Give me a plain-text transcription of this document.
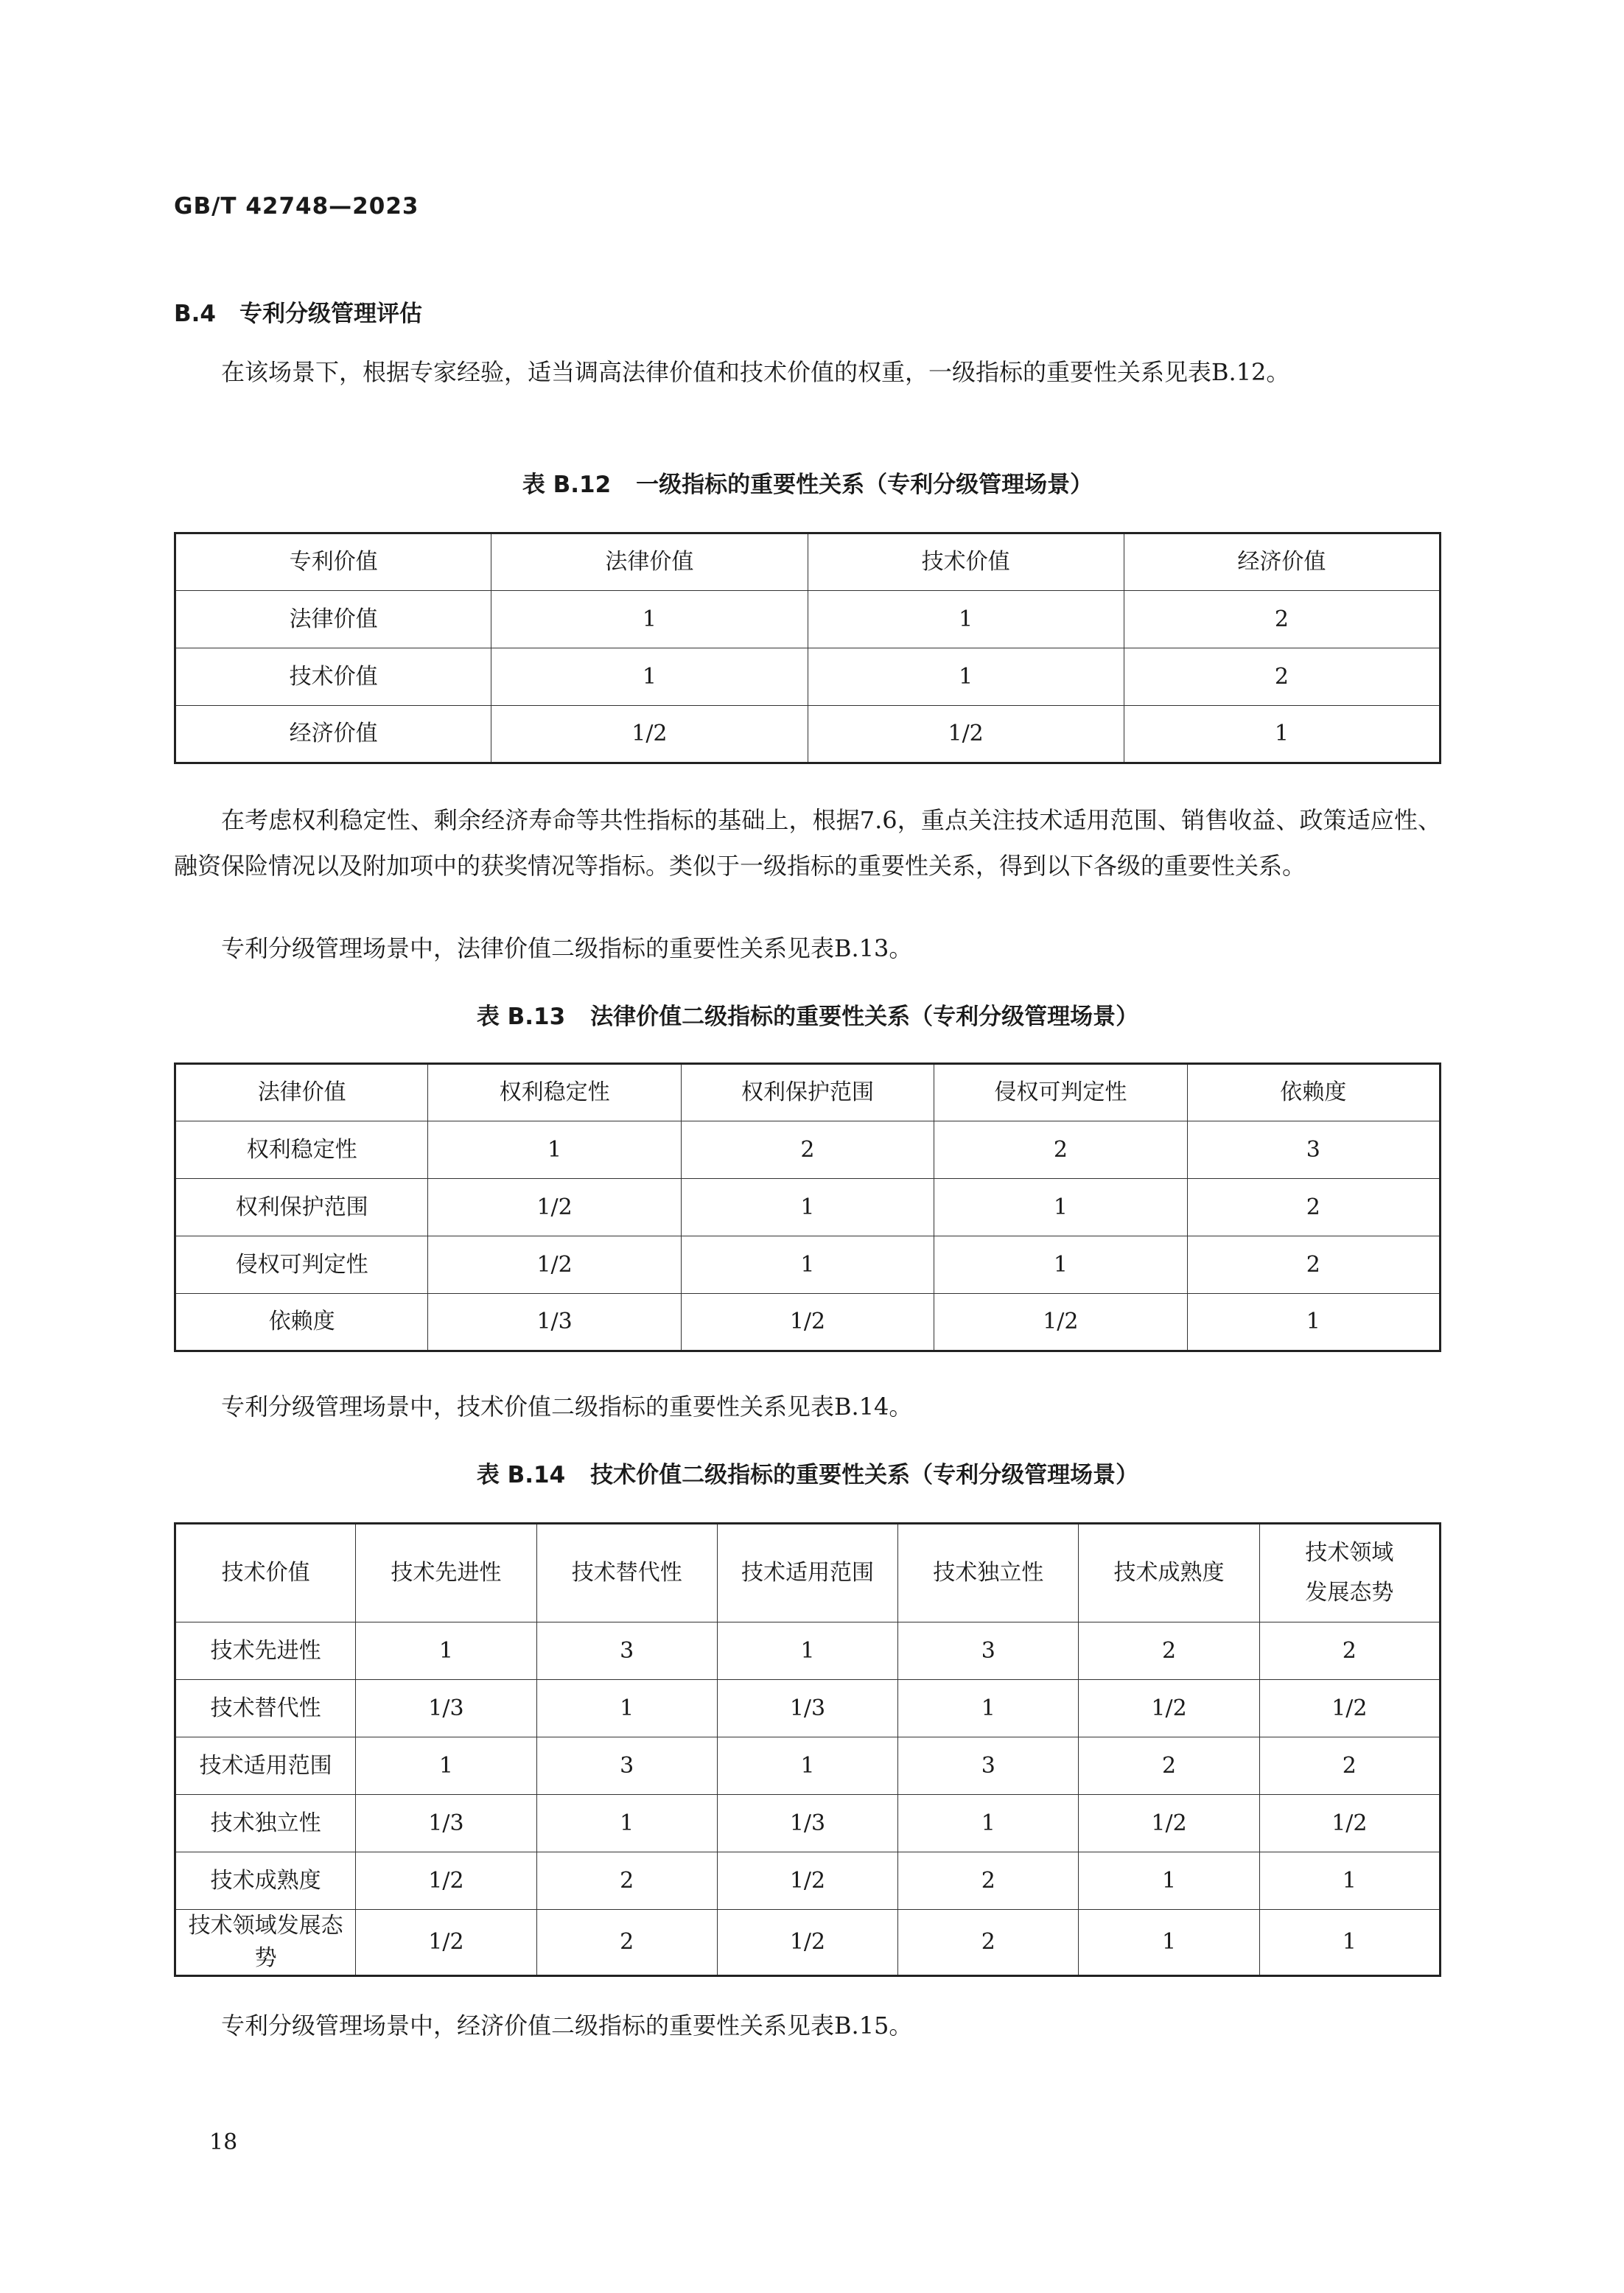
GB/T 42748—2023
B.4 专利分级管理评估

在该场景下，根据专家经验，适当调高法律价值和技术价值的权重，一级指标的重要性关系见表B.12。

表 B.12 一级指标的重要性关系（专利分级管理场景）
专利价值	法律价值	技术价值	经济价值
法律价值	1	1	2
技术价值	1	1	2
经济价值	1/2	1/2	1

在考虑权利稳定性、剩余经济寿命等共性指标的基础上，根据7.6，重点关注技术适用范围、销售收益、政策适应性、融资保险情况以及附加项中的获奖情况等指标。类似于一级指标的重要性关系，得到以下各级的重要性关系。

专利分级管理场景中，法律价值二级指标的重要性关系见表B.13。
表 B.13 法律价值二级指标的重要性关系（专利分级管理场景）
法律价值	权利稳定性	权利保护范围	侵权可判定性	依赖度
权利稳定性	1	2	2	3
权利保护范围	1/2	1	1	2
侵权可判定性	1/2	1	1	2
依赖度	1/3	1/2	1/2	1
专利分级管理场景中，技术价值二级指标的重要性关系见表B.14。
表 B.14 技术价值二级指标的重要性关系（专利分级管理场景）
技术价值	技术先进性	技术替代性	技术适用范围	技术独立性	技术成熟度	技术领域
发展态势
技术先进性	1	3	1	3	2	2
技术替代性	1/3	1	1/3	1	1/2	1/2
技术适用范围	1	3	1	3	2	2
技术独立性	1/3	1	1/3	1	1/2	1/2
技术成熟度	1/2	2	1/2	2	1	1
技术领域发展态势	1/2	2	1/2	2	1	1
专利分级管理场景中，经济价值二级指标的重要性关系见表B.15。
18
